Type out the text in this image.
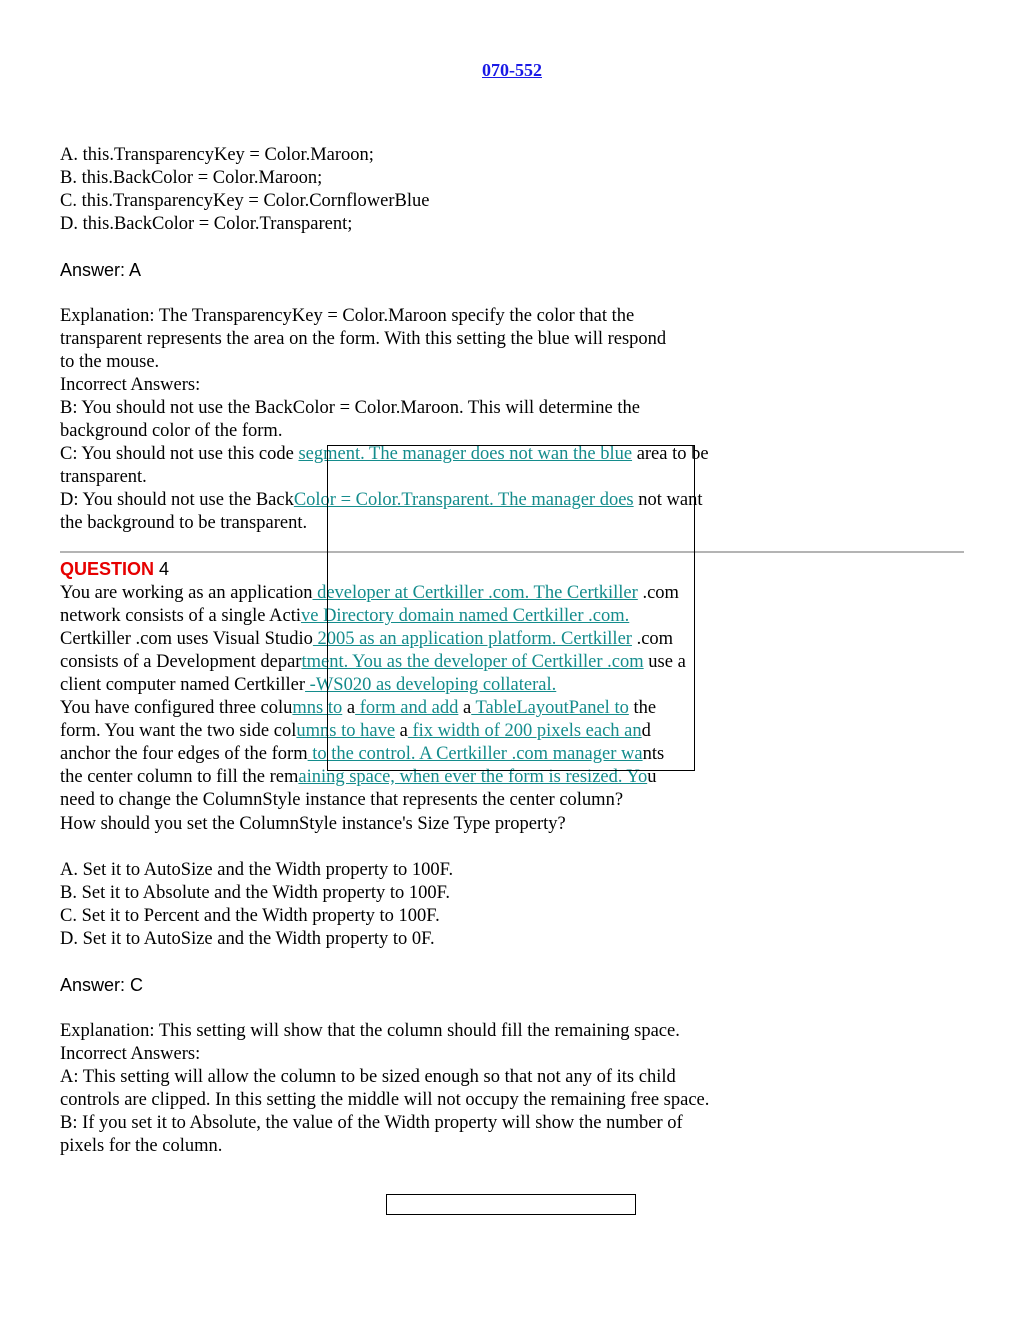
070-552
A. this.TransparencyKey = Color.Maroon;
B. this.BackColor = Color.Maroon;
C. this.TransparencyKey = Color.CornflowerBlue
D. this.BackColor = Color.Transparent;
Answer: A
Explanation: The TransparencyKey = Color.Maroon specify the color that the
transparent represents the area on the form. With this setting the blue will respond
to the mouse.
Incorrect Answers:
B: You should not use the BackColor = Color.Maroon. This will determine the
background color of the form.
C: You should not use this code segment. The manager does not wan the blue area to be
transparent.
D: You should not use the BackColor = Color.Transparent. The manager does not want
the background to be transparent.
QUESTION 4
You are working as an application developer at Certkiller .com. The Certkiller .com
network consists of a single Active Directory domain named Certkiller .com.
Certkiller .com uses Visual Studio 2005 as an application platform. Certkiller .com
consists of a Development department. You as the developer of Certkiller .com use a
client computer named Certkiller -WS020 as developing collateral.
You have configured three columns to a form and add a TableLayoutPanel to the
form. You want the two side columns to have a fix width of 200 pixels each and
anchor the four edges of the form to the control. A Certkiller .com manager wants
the center column to fill the remaining space, when ever the form is resized. You
need to change the ColumnStyle instance that represents the center column?
How should you set the ColumnStyle instance's Size Type property?
A. Set it to AutoSize and the Width property to 100F.
B. Set it to Absolute and the Width property to 100F.
C. Set it to Percent and the Width property to 100F.
D. Set it to AutoSize and the Width property to 0F.
Answer: C
Explanation: This setting will show that the column should fill the remaining space.
Incorrect Answers:
A: This setting will allow the column to be sized enough so that not any of its child
controls are clipped. In this setting the middle will not occupy the remaining free space.
B: If you set it to Absolute, the value of the Width property will show the number of
pixels for the column.
